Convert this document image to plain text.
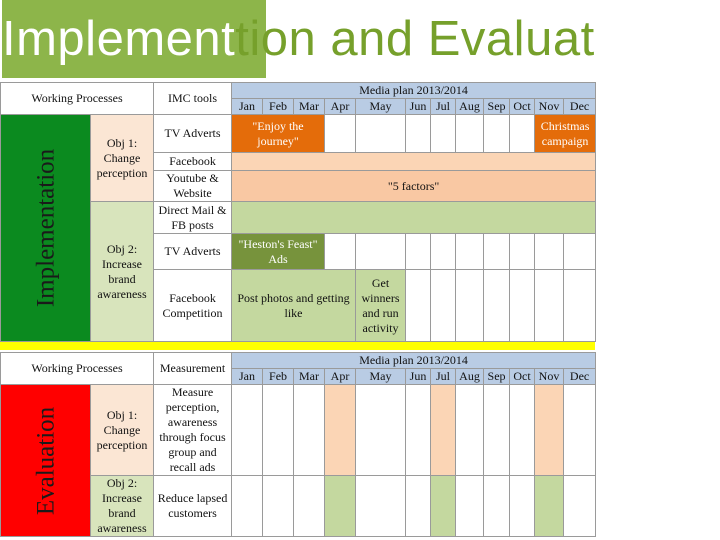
Implementtion and Evaluat
Working Processes		IMC tools	Media plan 2013/2014											
			Jan	Feb	Mar	Apr	May	Jun	Jul	Aug	Sep	Oct	Nov	Dec

Implementation	Obj 1: Change perception	TV Adverts	"Enjoy the journey"										Christmas campaign	
		Facebook												
		Youtube & Website	"5 factors"											
	Obj 2: Increase brand awareness	Direct Mail & FB posts												
		TV Adverts	"Heston's Feast" Ads											
		Facebook Competition	Post photos and getting like				Get winners and run activity							
Working Processes		Measurement	Media plan 2013/2014											
			Jan	Feb	Mar	Apr	May	Jun	Jul	Aug	Sep	Oct	Nov	Dec

Evaluation	Obj 1: Change perception	Measure perception, awareness through focus group and recall ads												
	Obj 2: Increase brand awareness	Reduce lapsed customers												
